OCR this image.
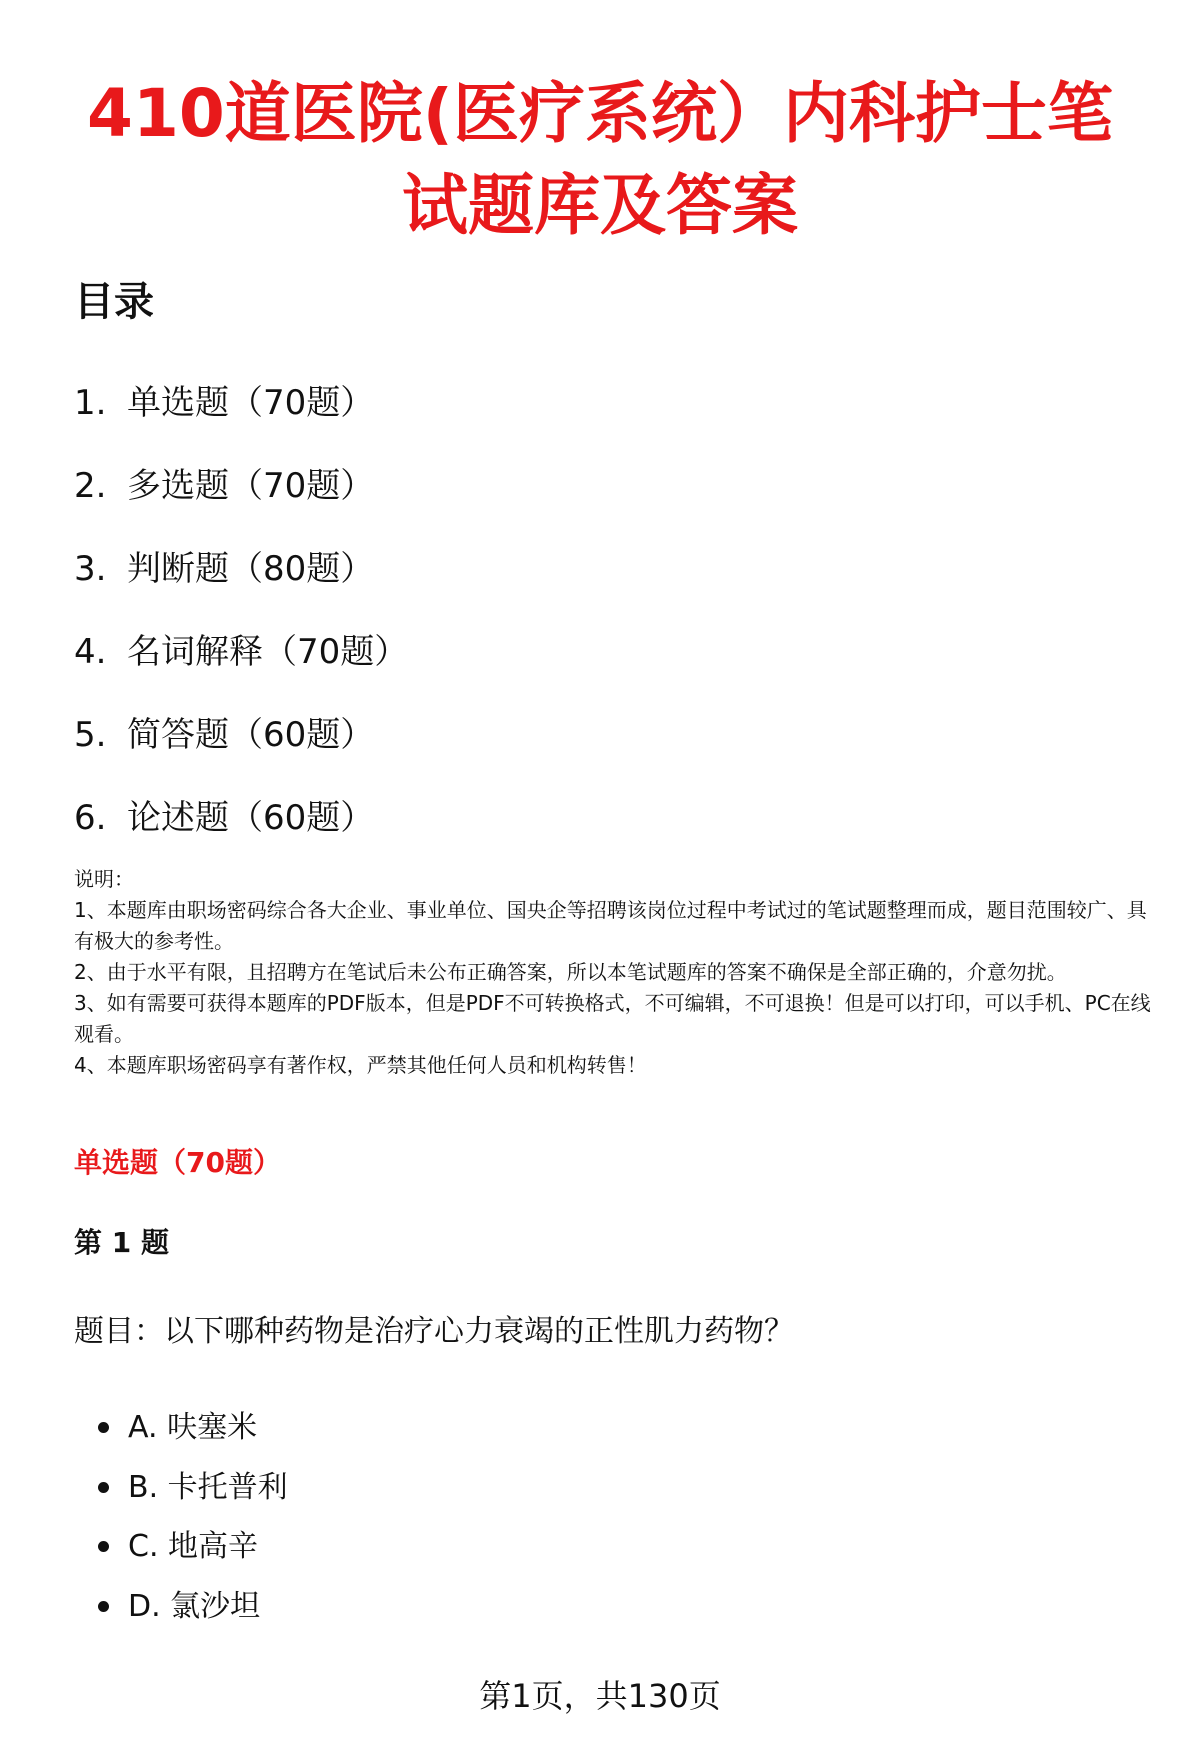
410道医院(医疗系统）内科护士笔试题库及答案
目录
1. 单选题（70题）
2. 多选题（70题）
3. 判断题（80题）
4. 名词解释（70题）
5. 简答题（60题）
6. 论述题（60题）

说明：

1、本题库由职场密码综合各大企业、事业单位、国央企等招聘该岗位过程中考试过的笔试题整理而成，题目范围较广、具有极大的参考性。

2、由于水平有限，且招聘方在笔试后未公布正确答案，所以本笔试题库的答案不确保是全部正确的，介意勿扰。

3、如有需要可获得本题库的PDF版本，但是PDF不可转换格式，不可编辑，不可退换！但是可以打印，可以手机、PC在线观看。

4、本题库职场密码享有著作权，严禁其他任何人员和机构转售！

单选题（70题）
第 1 题

题目：以下哪种药物是治疗心力衰竭的正性肌力药物？

A. 呋塞米
B. 卡托普利
C. 地高辛
D. 氯沙坦
第1页，共130页
